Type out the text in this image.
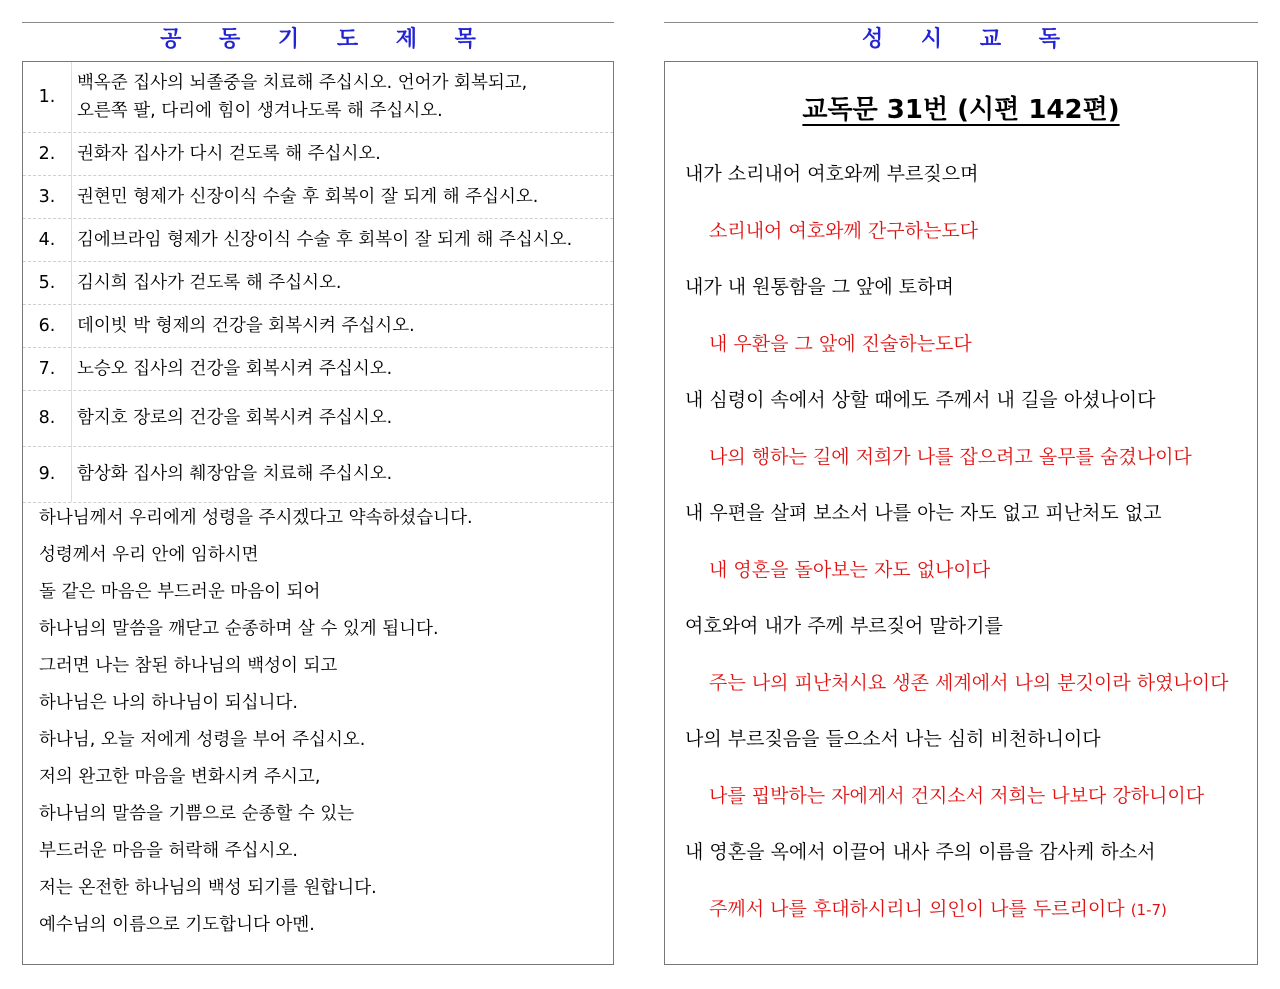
공 동 기 도 제 목
1.
백옥준 집사의 뇌졸중을 치료해 주십시오. 언어가 회복되고,
오른쪽 팔, 다리에 힘이 생겨나도록 해 주십시오.
2.	권화자 집사가 다시 걷도록 해 주십시오.
3.	권현민 형제가 신장이식 수술 후 회복이 잘 되게 해 주십시오.
4.	김에브라임 형제가 신장이식 수술 후 회복이 잘 되게 해 주십시오.
5.	김시희 집사가 걷도록 해 주십시오.
6.	데이빗 박 형제의 건강을 회복시켜 주십시오.
7.	노승오 집사의 건강을 회복시켜 주십시오.
8.	함지호 장로의 건강을 회복시켜 주십시오.
9.	함상화 집사의 췌장암을 치료해 주십시오.
하나님께서 우리에게 성령을 주시겠다고 약속하셨습니다.
성령께서 우리 안에 임하시면
돌 같은 마음은 부드러운 마음이 되어
하나님의 말씀을 깨닫고 순종하며 살 수 있게 됩니다.
그러면 나는 참된 하나님의 백성이 되고
하나님은 나의 하나님이 되십니다.
하나님, 오늘 저에게 성령을 부어 주십시오.
저의 완고한 마음을 변화시켜 주시고,
하나님의 말씀을 기쁨으로 순종할 수 있는
부드러운 마음을 허락해 주십시오.
저는 온전한 하나님의 백성 되기를 원합니다.
예수님의 이름으로 기도합니다 아멘.
성 시 교 독
교독문 31번 (시편 142편)
내가 소리내어 여호와께 부르짖으며
소리내어 여호와께 간구하는도다
내가 내 원통함을 그 앞에 토하며
내 우환을 그 앞에 진술하는도다
내 심령이 속에서 상할 때에도 주께서 내 길을 아셨나이다
나의 행하는 길에 저희가 나를 잡으려고 올무를 숨겼나이다
내 우편을 살펴 보소서 나를 아는 자도 없고 피난처도 없고
내 영혼을 돌아보는 자도 없나이다
여호와여 내가 주께 부르짖어 말하기를
주는 나의 피난처시요 생존 세계에서 나의 분깃이라 하였나이다
나의 부르짖음을 들으소서 나는 심히 비천하니이다
나를 핍박하는 자에게서 건지소서 저희는 나보다 강하니이다
내 영혼을 옥에서 이끌어 내사 주의 이름을 감사케 하소서
주께서 나를 후대하시리니 의인이 나를 두르리이다 (1-7)
